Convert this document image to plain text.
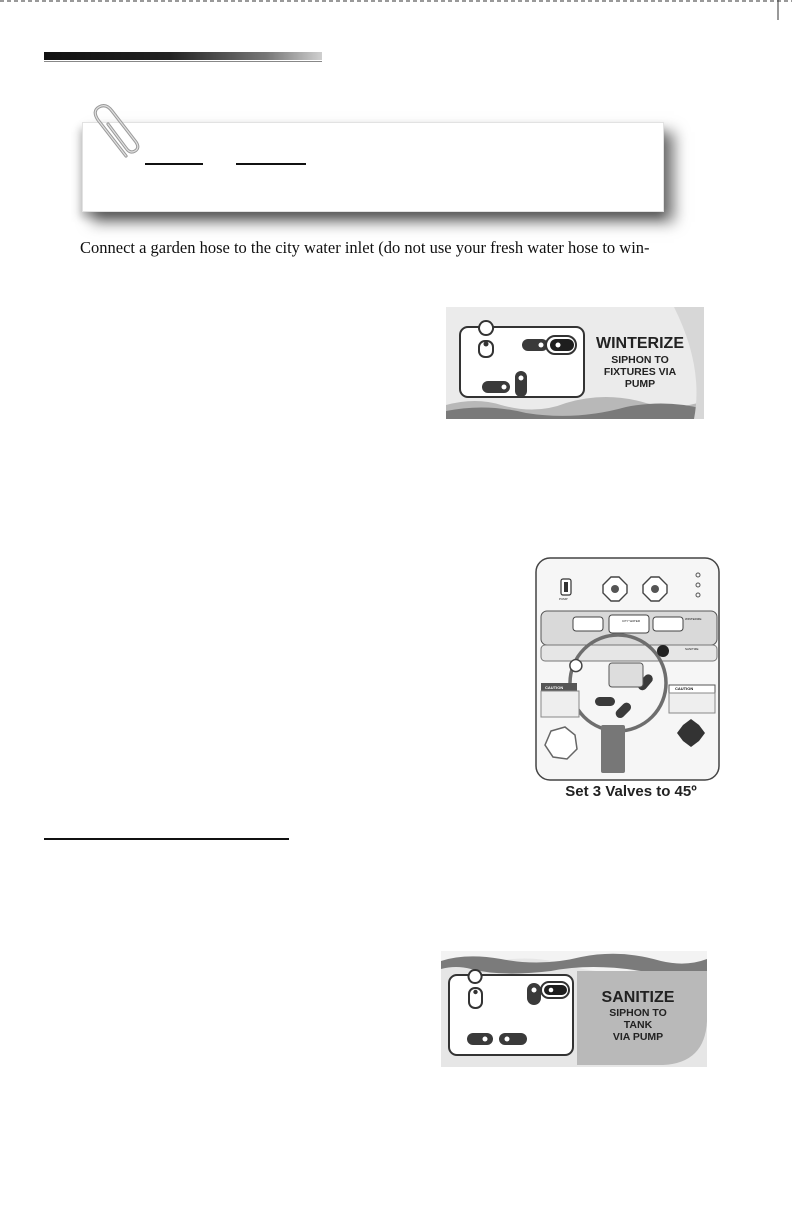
Connect a garden hose to the city water inlet (do not use your fresh water hose to win-
WINTERIZE
SIPHON TO
FIXTURES VIA
PUMP
Set 3 Valves to 45º
CITY WATER	WINTERIZE
SANITIZE
CAUTION	CAUTION
PUMP
SANITIZE
SIPHON TO
TANK
VIA PUMP
